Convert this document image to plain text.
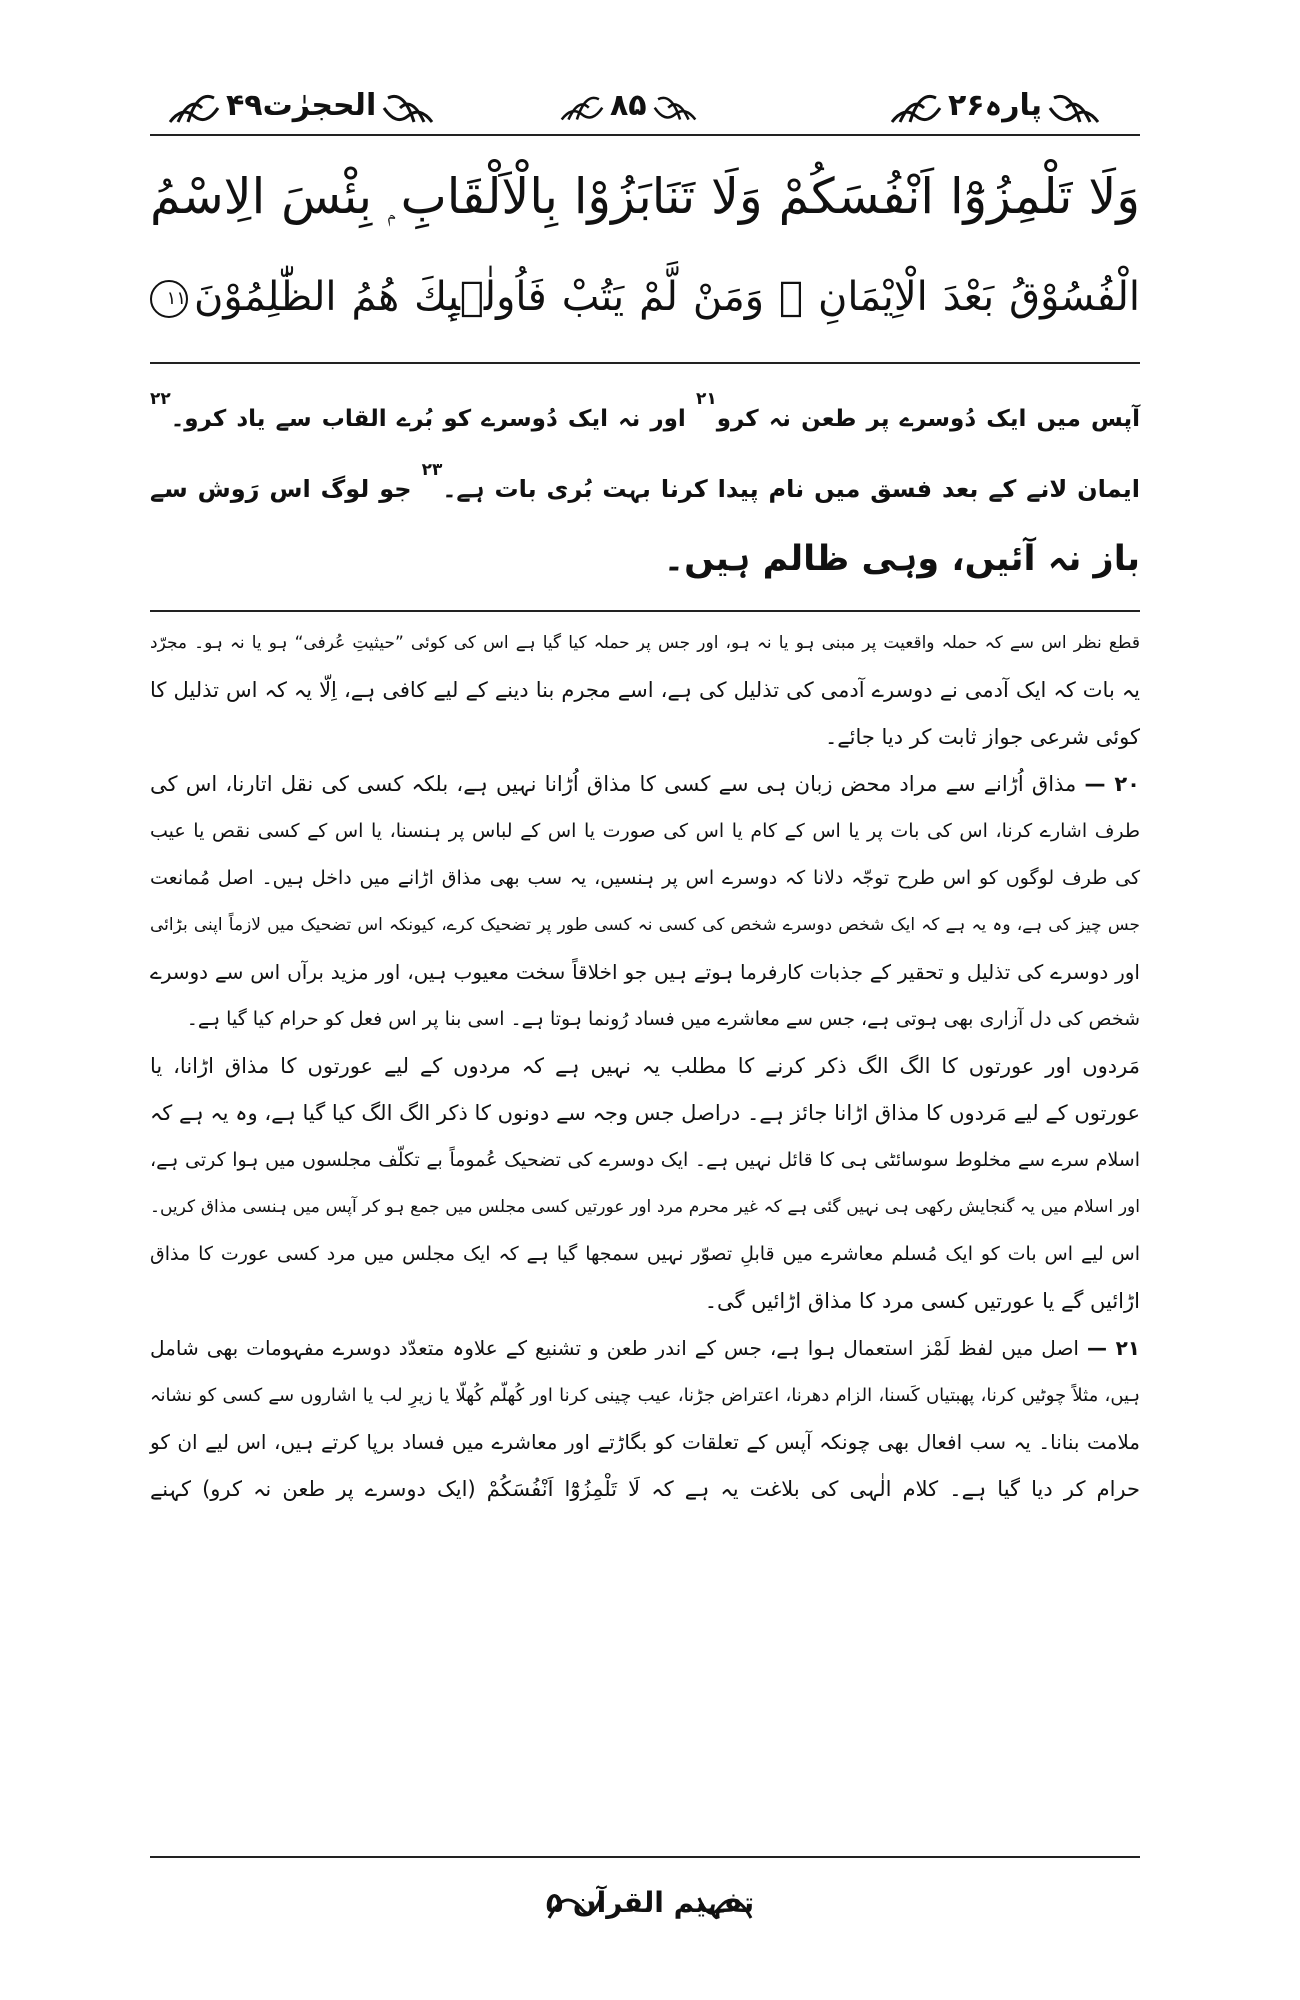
الحجرٰت۴۹	۸۵	پارہ۲۶
وَلَا تَلْمِزُوْٓا اَنْفُسَكُمْ وَلَا تَنَابَزُوْا بِالْاَلْقَابِ ۭ بِئْسَ الِاسْمُ
الْفُسُوْقُ بَعْدَ الْاِيْمَانِ ۚ وَمَنْ لَّمْ يَتُبْ فَاُولٰۗىِٕكَ هُمُ الظّٰلِمُوْنَ١١
آپس میں ایک دُوسرے پر طعن نہ کرو$^{۲۱}$ اور نہ ایک دُوسرے کو بُرے القاب سے یاد کرو۔$^{۲۲}$
ایمان لانے کے بعد فسق میں نام پیدا کرنا بہت بُری بات ہے۔$^{۲۳}$ جو لوگ اس رَوش سے
باز نہ آئیں، وہی ظالم ہیں۔
قطع نظر اس سے کہ حملہ واقعیت پر مبنی ہو یا نہ ہو، اور جس پر حملہ کیا گیا ہے اس کی کوئی ”حیثیتِ عُرفی“ ہو یا نہ ہو۔ مجرّد
یہ بات کہ ایک آدمی نے دوسرے آدمی کی تذلیل کی ہے، اسے مجرم بنا دینے کے لیے کافی ہے، اِلّا یہ کہ اس تذلیل کا
کوئی شرعی جواز ثابت کر دیا جائے۔
۲۰ — مذاق اُڑانے سے مراد محض زبان ہی سے کسی کا مذاق اُڑانا نہیں ہے، بلکہ کسی کی نقل اتارنا، اس کی
طرف اشارے کرنا، اس کی بات پر یا اس کے کام یا اس کی صورت یا اس کے لباس پر ہنسنا، یا اس کے کسی نقص یا عیب
کی طرف لوگوں کو اس طرح توجّہ دلانا کہ دوسرے اس پر ہنسیں، یہ سب بھی مذاق اڑانے میں داخل ہیں۔ اصل مُمانعت
جس چیز کی ہے، وہ یہ ہے کہ ایک شخص دوسرے شخص کی کسی نہ کسی طور پر تضحیک کرے، کیونکہ اس تضحیک میں لازماً اپنی بڑائی
اور دوسرے کی تذلیل و تحقیر کے جذبات کارفرما ہوتے ہیں جو اخلاقاً سخت معیوب ہیں، اور مزید برآں اس سے دوسرے
شخص کی دل آزاری بھی ہوتی ہے، جس سے معاشرے میں فساد رُونما ہوتا ہے۔ اسی بنا پر اس فعل کو حرام کیا گیا ہے۔
مَردوں اور عورتوں کا الگ الگ ذکر کرنے کا مطلب یہ نہیں ہے کہ مردوں کے لیے عورتوں کا مذاق اڑانا، یا
عورتوں کے لیے مَردوں کا مذاق اڑانا جائز ہے۔ دراصل جس وجہ سے دونوں کا ذکر الگ الگ کیا گیا ہے، وہ یہ ہے کہ
اسلام سرے سے مخلوط سوسائٹی ہی کا قائل نہیں ہے۔ ایک دوسرے کی تضحیک عُموماً بے تکلّف مجلسوں میں ہوا کرتی ہے،
اور اسلام میں یہ گنجایش رکھی ہی نہیں گئی ہے کہ غیر محرم مرد اور عورتیں کسی مجلس میں جمع ہو کر آپس میں ہنسی مذاق کریں۔
اس لیے اس بات کو ایک مُسلم معاشرے میں قابلِ تصوّر نہیں سمجھا گیا ہے کہ ایک مجلس میں مرد کسی عورت کا مذاق
اڑائیں گے یا عورتیں کسی مرد کا مذاق اڑائیں گی۔
۲۱ — اصل میں لفظ لَمْز استعمال ہوا ہے، جس کے اندر طعن و تشنیع کے علاوہ متعدّد دوسرے مفہومات بھی شامل
ہیں، مثلاً چوٹیں کرنا، پھبتیاں کَسنا، الزام دھرنا، اعتراض جڑنا، عیب چینی کرنا اور کُھلّم کُھلّا یا زیرِ لب یا اشاروں سے کسی کو نشانہ
ملامت بنانا۔ یہ سب افعال بھی چونکہ آپس کے تعلقات کو بگاڑتے اور معاشرے میں فساد برپا کرتے ہیں، اس لیے ان کو
حرام کر دیا گیا ہے۔ کلام الٰہی کی بلاغت یہ ہے کہ لَا تَلْمِزُوْٓا اَنْفُسَكُمْ (ایک دوسرے پر طعن نہ کرو) کہنے
تفہیم القرآن ۵
